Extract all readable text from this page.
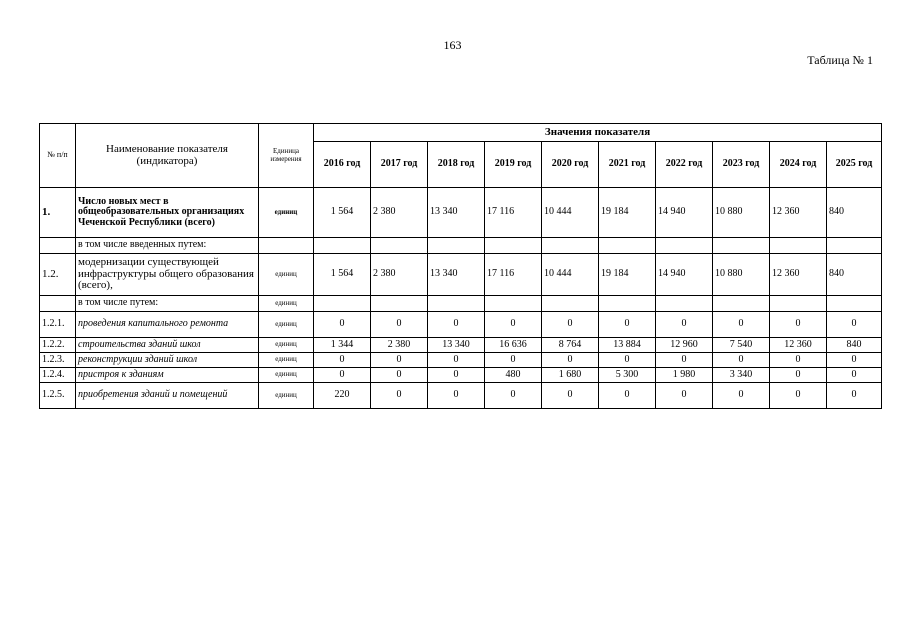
163
Таблица № 1
№ п/п	Наименование показателя (индикатора)	Единица измерения	Значения показателя									
			2016 год	2017 год	2018 год	2019 год	2020 год	2021 год	2022 год	2023 год	2024 год	2025 год
1.	Число новых мест в общеобразовательных организациях Чеченской Республики (всего)	единиц	1 564	2 380	13 340	17 116	10 444	19 184	14 940	10 880	12 360	840
	в том числе введенных путем:											
1.2.	модернизации существующей инфраструктуры общего образования (всего),	единиц	1 564	2 380	13 340	17 116	10 444	19 184	14 940	10 880	12 360	840
	в том числе путем:	единиц										
1.2.1.	проведения капитального ремонта	единиц	0	0	0	0	0	0	0	0	0	0
1.2.2.	строительства зданий школ	единиц	1 344	2 380	13 340	16 636	8 764	13 884	12 960	7 540	12 360	840
1.2.3.	реконструкции зданий школ	единиц	0	0	0	0	0	0	0	0	0	0
1.2.4.	пристроя к зданиям	единиц	0	0	0	480	1 680	5 300	1 980	3 340	0	0
1.2.5.	приобретения зданий и помещений	единиц	220	0	0	0	0	0	0	0	0	0
